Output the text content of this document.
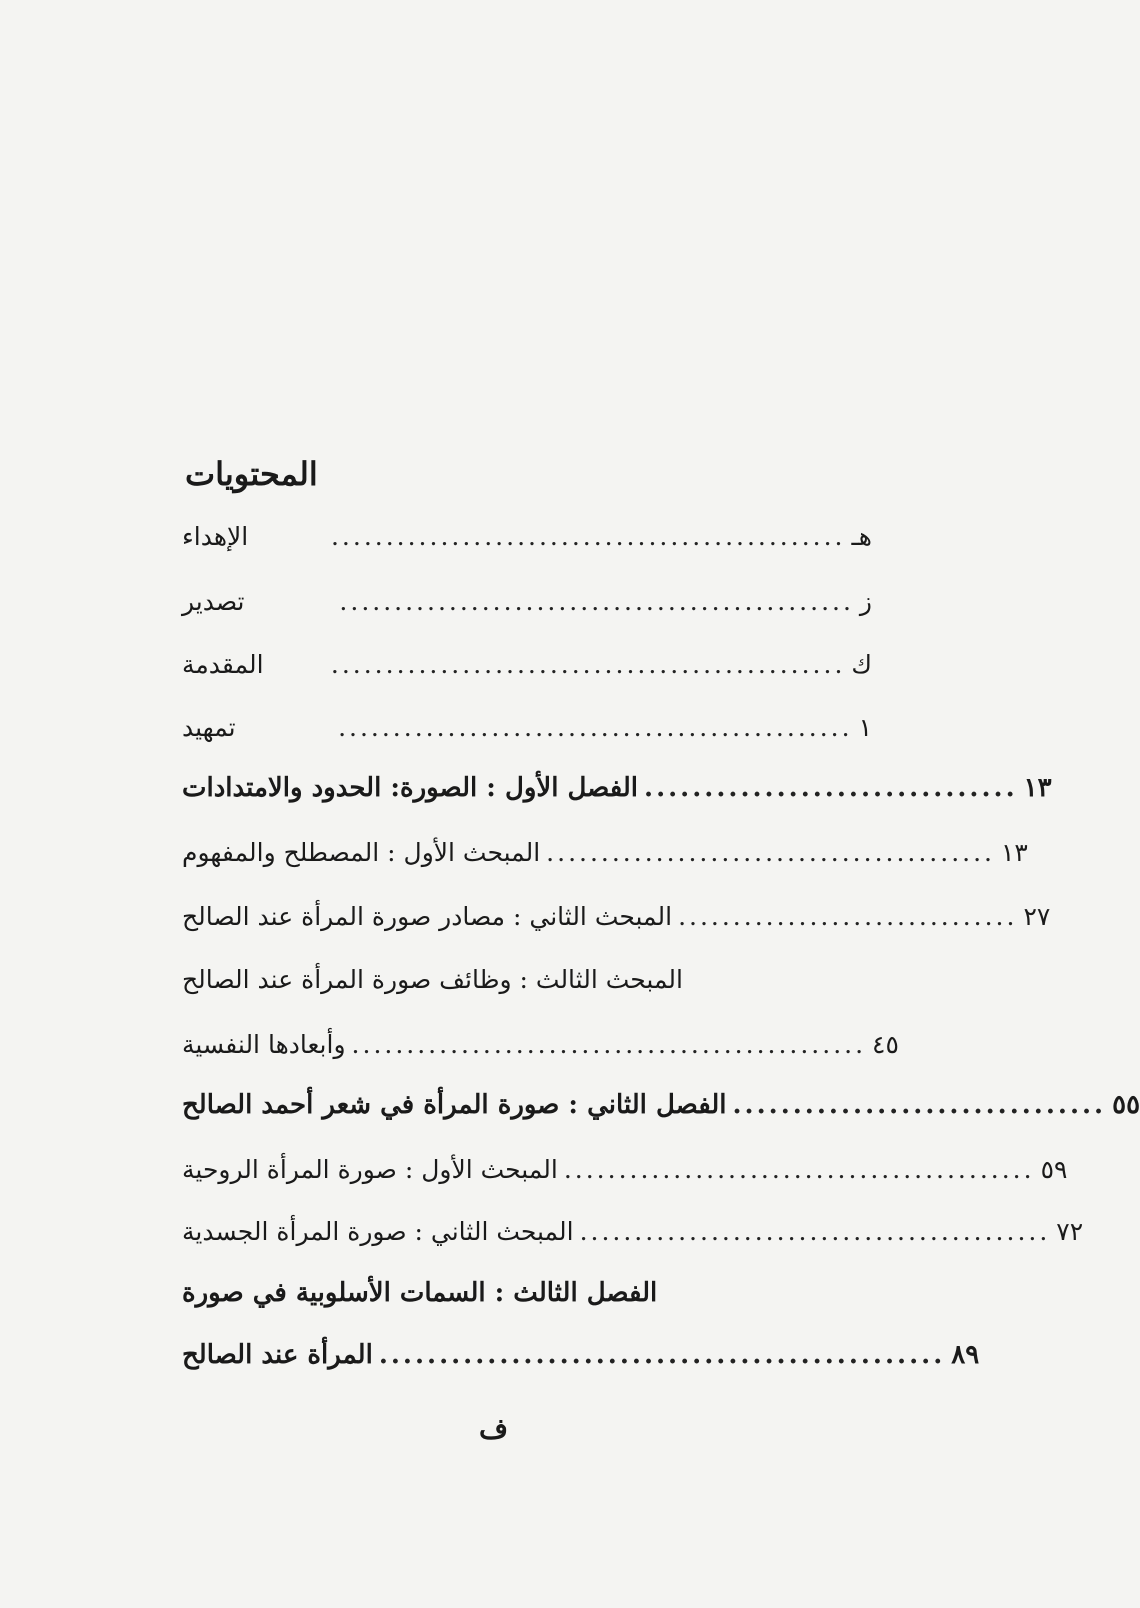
المحتويات
الإهداء	............................................... هـ
تصدير	............................................... ز
المقدمة	............................................... ك
تمهيد	............................................... ١
الفصل الأول : الصورة: الحدود والامتدادات ............................... ١٣
المبحث الأول : المصطلح والمفهوم ......................................... ١٣
المبحث الثاني : مصادر صورة المرأة عند الصالح ............................... ٢٧
المبحث الثالث : وظائف صورة المرأة عند الصالح
وأبعادها النفسية ............................................... ٤٥
الفصل الثاني : صورة المرأة في شعر أحمد الصالح ............................... ٥٥
المبحث الأول : صورة المرأة الروحية ........................................... ٥٩
المبحث الثاني : صورة المرأة الجسدية ........................................... ٧٢
الفصل الثالث : السمات الأسلوبية في صورة
المرأة عند الصالح ............................................... ٨٩
ف
